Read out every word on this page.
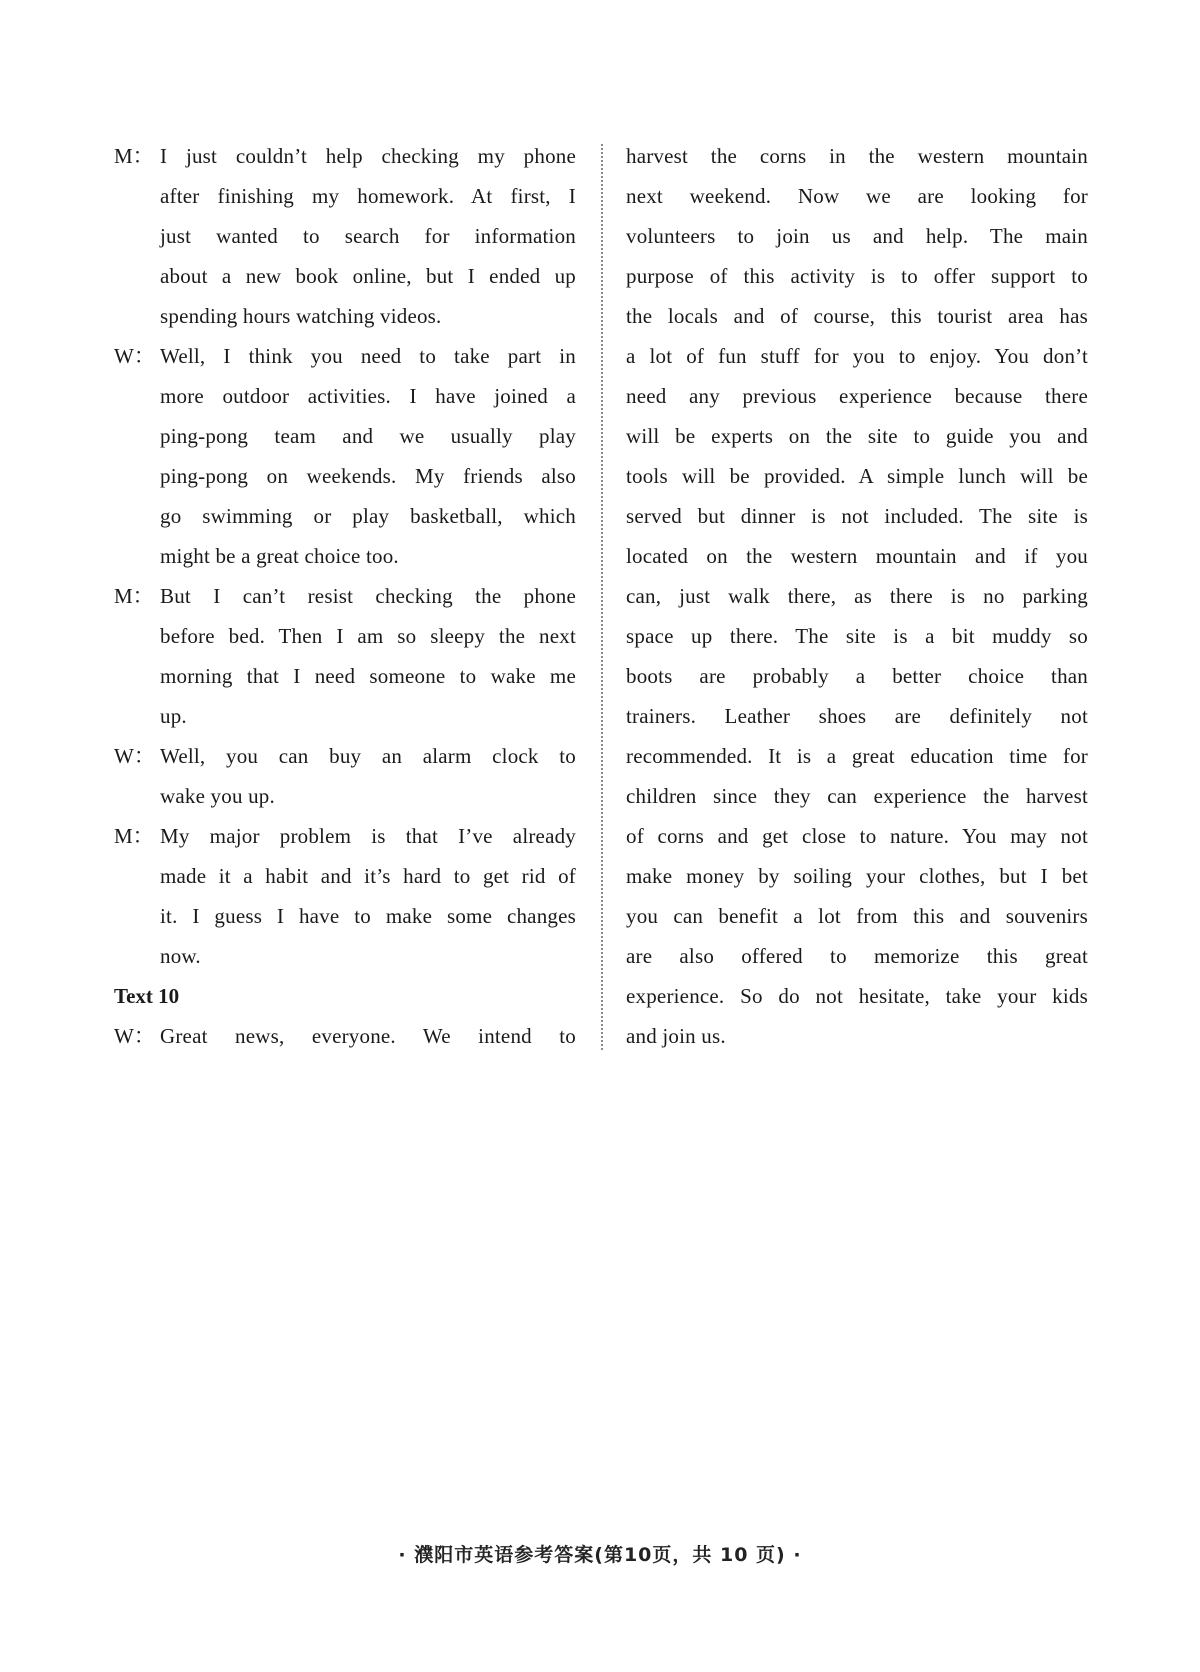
M： I just couldn’t help checking my phone
after finishing my homework. At first, I
just wanted to search for information
about a new book online, but I ended up
spending hours watching videos.
W： Well, I think you need to take part in
more outdoor activities. I have joined a
ping-pong team and we usually play
ping-pong on weekends. My friends also
go swimming or play basketball, which
might be a great choice too.
M： But I can’t resist checking the phone
before bed. Then I am so sleepy the next
morning that I need someone to wake me
up.
W： Well, you can buy an alarm clock to
wake you up.
M： My major problem is that I’ve already
made it a habit and it’s hard to get rid of
it. I guess I have to make some changes
now.
Text 10
W： Great news, everyone. We intend to
harvest the corns in the western mountain
next weekend. Now we are looking for
volunteers to join us and help. The main
purpose of this activity is to offer support to
the locals and of course, this tourist area has
a lot of fun stuff for you to enjoy. You don’t
need any previous experience because there
will be experts on the site to guide you and
tools will be provided. A simple lunch will be
served but dinner is not included. The site is
located on the western mountain and if you
can, just walk there, as there is no parking
space up there. The site is a bit muddy so
boots are probably a better choice than
trainers. Leather shoes are definitely not
recommended. It is a great education time for
children since they can experience the harvest
of corns and get close to nature. You may not
make money by soiling your clothes, but I bet
you can benefit a lot from this and souvenirs
are also offered to memorize this great
experience. So do not hesitate, take your kids
and join us.
· 濮阳市英语参考答案(第10页，共 10 页) ·
